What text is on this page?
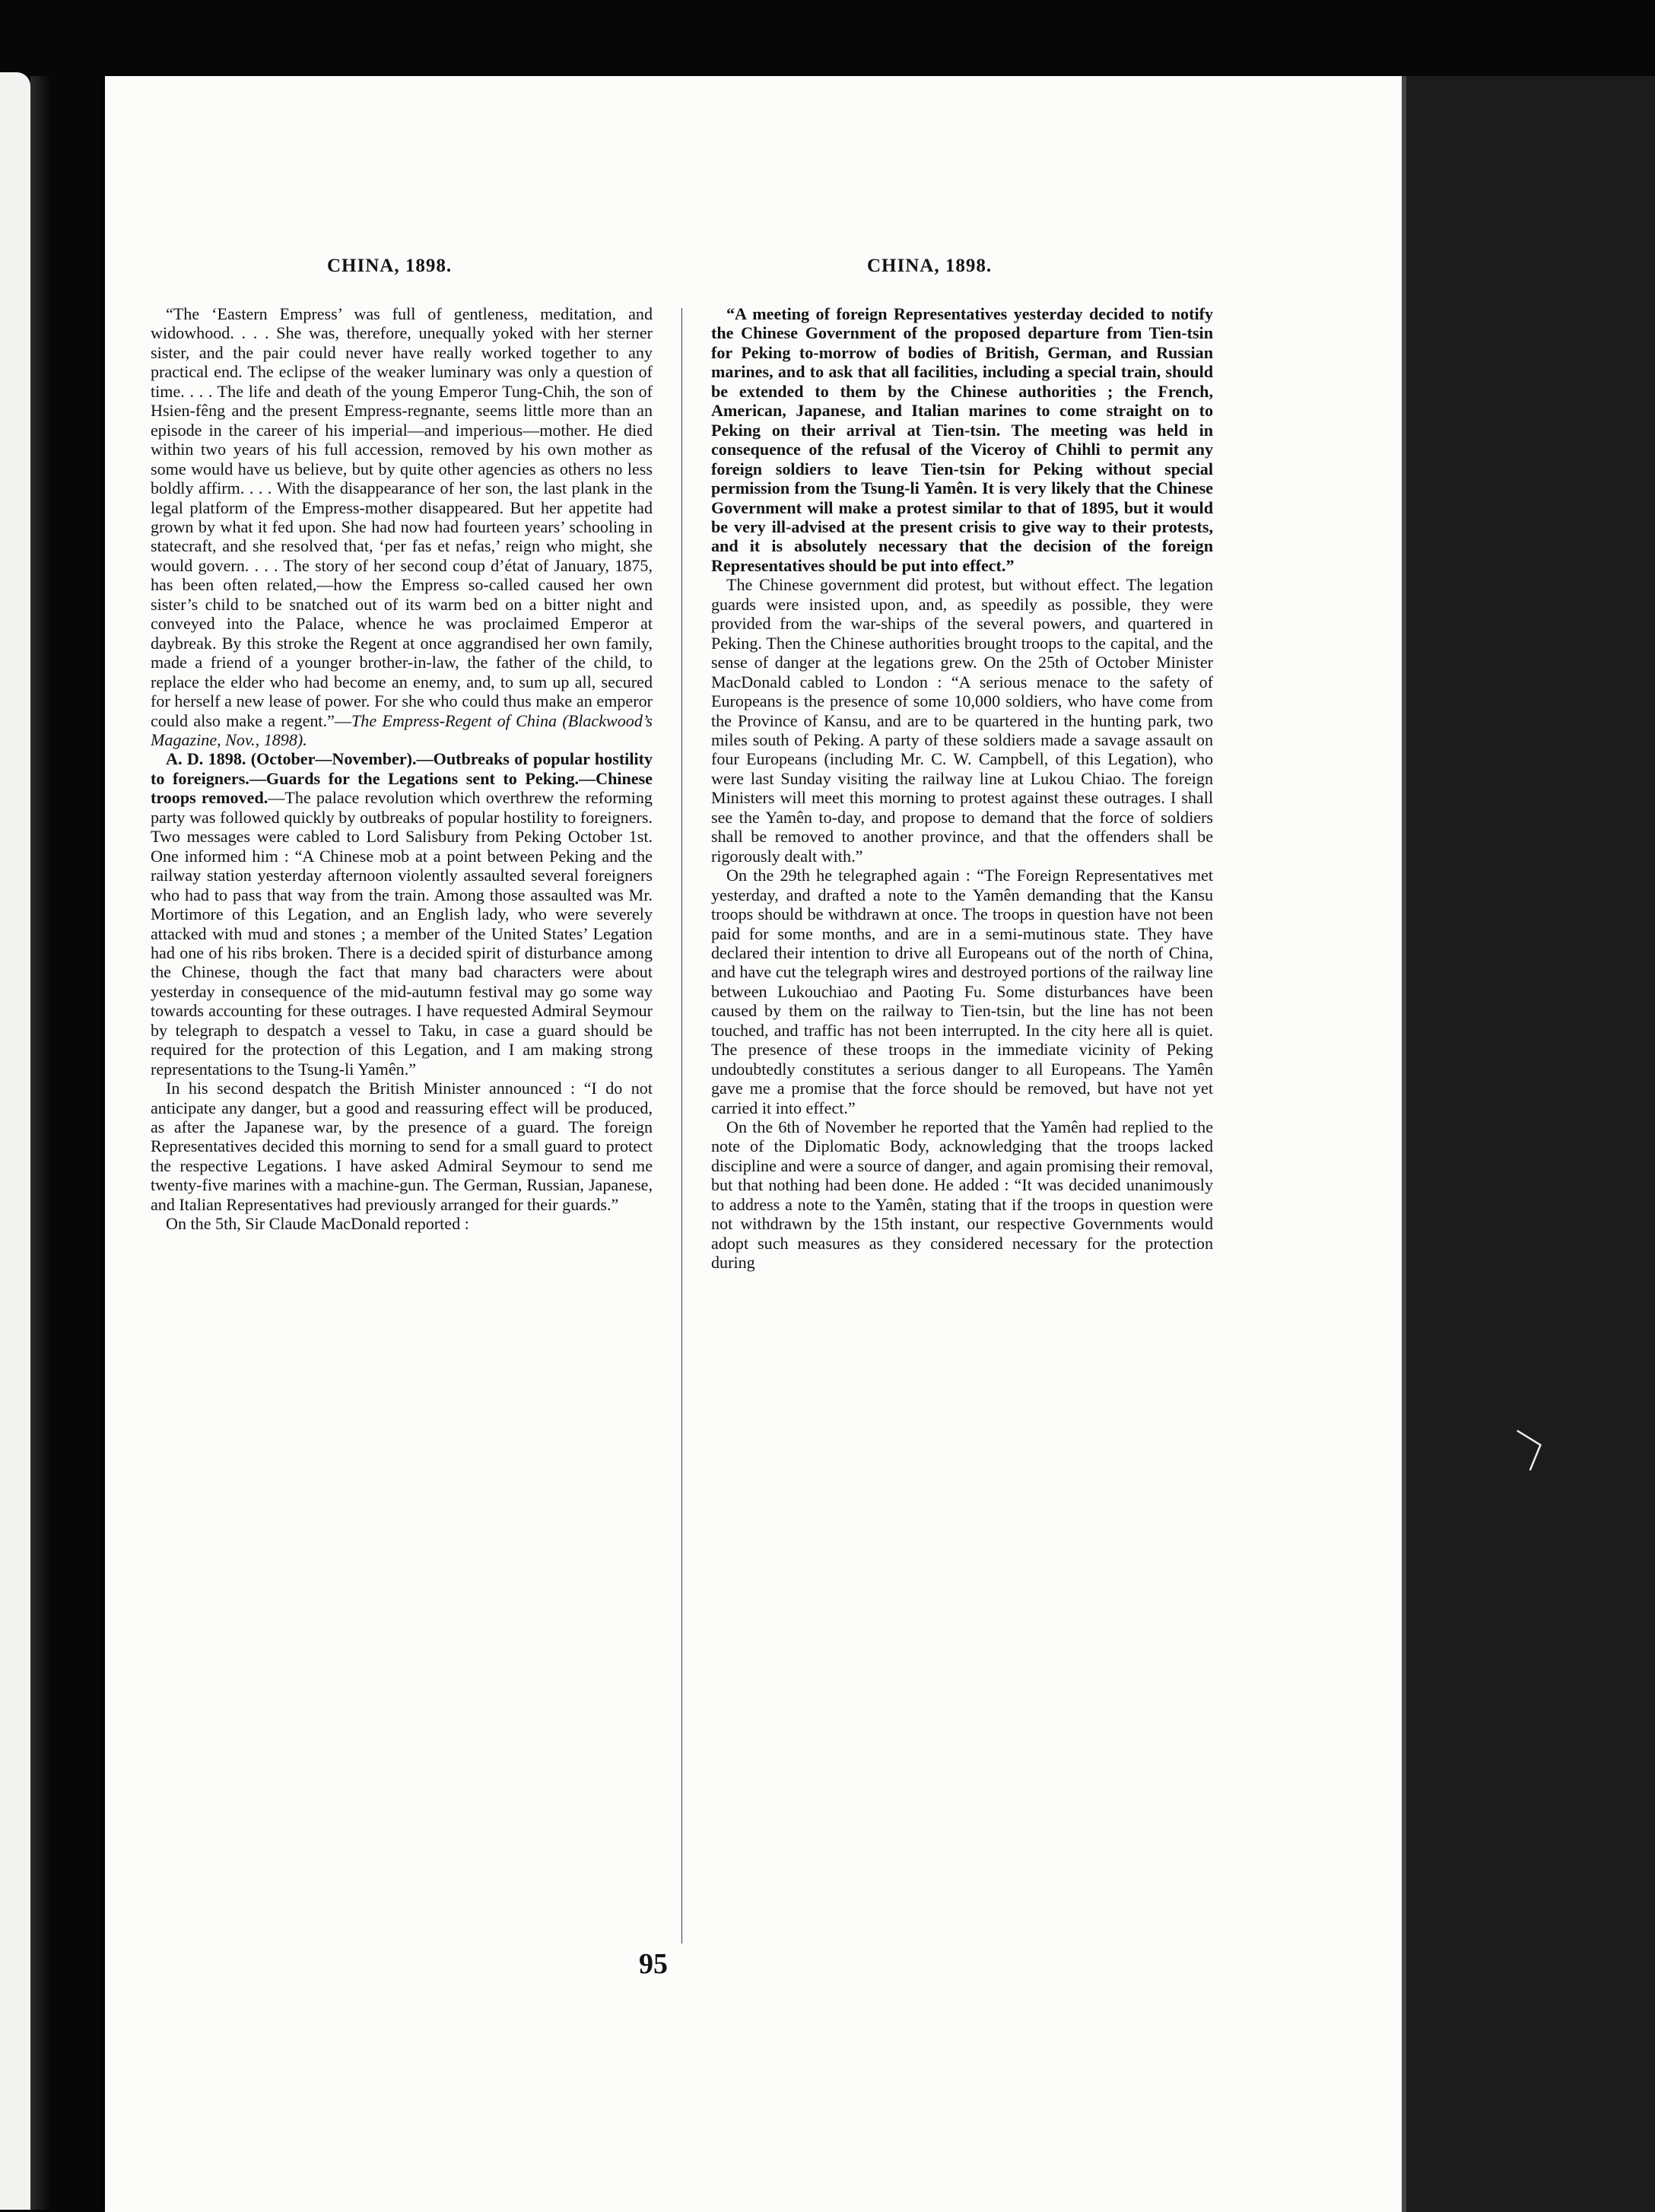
〉
CHINA, 1898.	CHINA, 1898.

“The ‘Eastern Empress’ was full of gentleness, meditation, and widowhood. . . . She was, therefore, unequally yoked with her sterner sister, and the pair could never have really worked together to any practical end. The eclipse of the weaker luminary was only a question of time. . . . The life and death of the young Emperor Tung-Chih, the son of Hsien-fêng and the present Empress-regnante, seems little more than an episode in the career of his imperial—and imperious—mother. He died within two years of his full accession, removed by his own mother as some would have us believe, but by quite other agencies as others no less boldly affirm. . . . With the disappearance of her son, the last plank in the legal platform of the Empress-mother disappeared. But her appetite had grown by what it fed upon. She had now had fourteen years’ schooling in statecraft, and she resolved that, ‘per fas et nefas,’ reign who might, she would govern. . . . The story of her second coup d’état of January, 1875, has been often related,—how the Empress so-called caused her own sister’s child to be snatched out of its warm bed on a bitter night and conveyed into the Palace, whence he was proclaimed Emperor at daybreak. By this stroke the Regent at once aggrandised her own family, made a friend of a younger brother-in-law, the father of the child, to replace the elder who had become an enemy, and, to sum up all, secured for herself a new lease of power. For she who could thus make an emperor could also make a regent.”—The Empress-Regent of China (Blackwood’s Magazine, Nov., 1898).

A. D. 1898. (October—November).—Outbreaks of popular hostility to foreigners.—Guards for the Legations sent to Peking.—Chinese troops removed.—The palace revolution which overthrew the reforming party was followed quickly by outbreaks of popular hostility to foreigners. Two messages were cabled to Lord Salisbury from Peking October 1st. One informed him : “A Chinese mob at a point between Peking and the railway station yesterday afternoon violently assaulted several foreigners who had to pass that way from the train. Among those assaulted was Mr. Mortimore of this Legation, and an English lady, who were severely attacked with mud and stones ; a member of the United States’ Legation had one of his ribs broken. There is a decided spirit of disturbance among the Chinese, though the fact that many bad characters were about yesterday in consequence of the mid-autumn festival may go some way towards accounting for these outrages. I have requested Admiral Seymour by telegraph to despatch a vessel to Taku, in case a guard should be required for the protection of this Legation, and I am making strong representations to the Tsung-li Yamên.”

In his second despatch the British Minister announced : “I do not anticipate any danger, but a good and reassuring effect will be produced, as after the Japanese war, by the presence of a guard. The foreign Representatives decided this morning to send for a small guard to protect the respective Legations. I have asked Admiral Seymour to send me twenty-five marines with a machine-gun. The German, Russian, Japanese, and Italian Representatives had previously arranged for their guards.”

On the 5th, Sir Claude MacDonald reported :

“A meeting of foreign Representatives yesterday decided to notify the Chinese Government of the proposed departure from Tien-tsin for Peking to-morrow of bodies of British, German, and Russian marines, and to ask that all facilities, including a special train, should be extended to them by the Chinese authorities ; the French, American, Japanese, and Italian marines to come straight on to Peking on their arrival at Tien-tsin. The meeting was held in consequence of the refusal of the Viceroy of Chihli to permit any foreign soldiers to leave Tien-tsin for Peking without special permission from the Tsung-li Yamên. It is very likely that the Chinese Government will make a protest similar to that of 1895, but it would be very ill-advised at the present crisis to give way to their protests, and it is absolutely necessary that the decision of the foreign Representatives should be put into effect.”

The Chinese government did protest, but without effect. The legation guards were insisted upon, and, as speedily as possible, they were provided from the war-ships of the several powers, and quartered in Peking. Then the Chinese authorities brought troops to the capital, and the sense of danger at the legations grew. On the 25th of October Minister MacDonald cabled to London : “A serious menace to the safety of Europeans is the presence of some 10,000 soldiers, who have come from the Province of Kansu, and are to be quartered in the hunting park, two miles south of Peking. A party of these soldiers made a savage assault on four Europeans (including Mr. C. W. Campbell, of this Legation), who were last Sunday visiting the railway line at Lukou Chiao. The foreign Ministers will meet this morning to protest against these outrages. I shall see the Yamên to-day, and propose to demand that the force of soldiers shall be removed to another province, and that the offenders shall be rigorously dealt with.”

On the 29th he telegraphed again : “The Foreign Representatives met yesterday, and drafted a note to the Yamên demanding that the Kansu troops should be withdrawn at once. The troops in question have not been paid for some months, and are in a semi-mutinous state. They have declared their intention to drive all Europeans out of the north of China, and have cut the telegraph wires and destroyed portions of the railway line between Lukouchiao and Paoting Fu. Some disturbances have been caused by them on the railway to Tien-tsin, but the line has not been touched, and traffic has not been interrupted. In the city here all is quiet. The presence of these troops in the immediate vicinity of Peking undoubtedly constitutes a serious danger to all Europeans. The Yamên gave me a promise that the force should be removed, but have not yet carried it into effect.”

On the 6th of November he reported that the Yamên had replied to the note of the Diplomatic Body, acknowledging that the troops lacked discipline and were a source of danger, and again promising their removal, but that nothing had been done. He added : “It was decided unanimously to address a note to the Yamên, stating that if the troops in question were not withdrawn by the 15th instant, our respective Governments would adopt such measures as they considered necessary for the protection during

95
